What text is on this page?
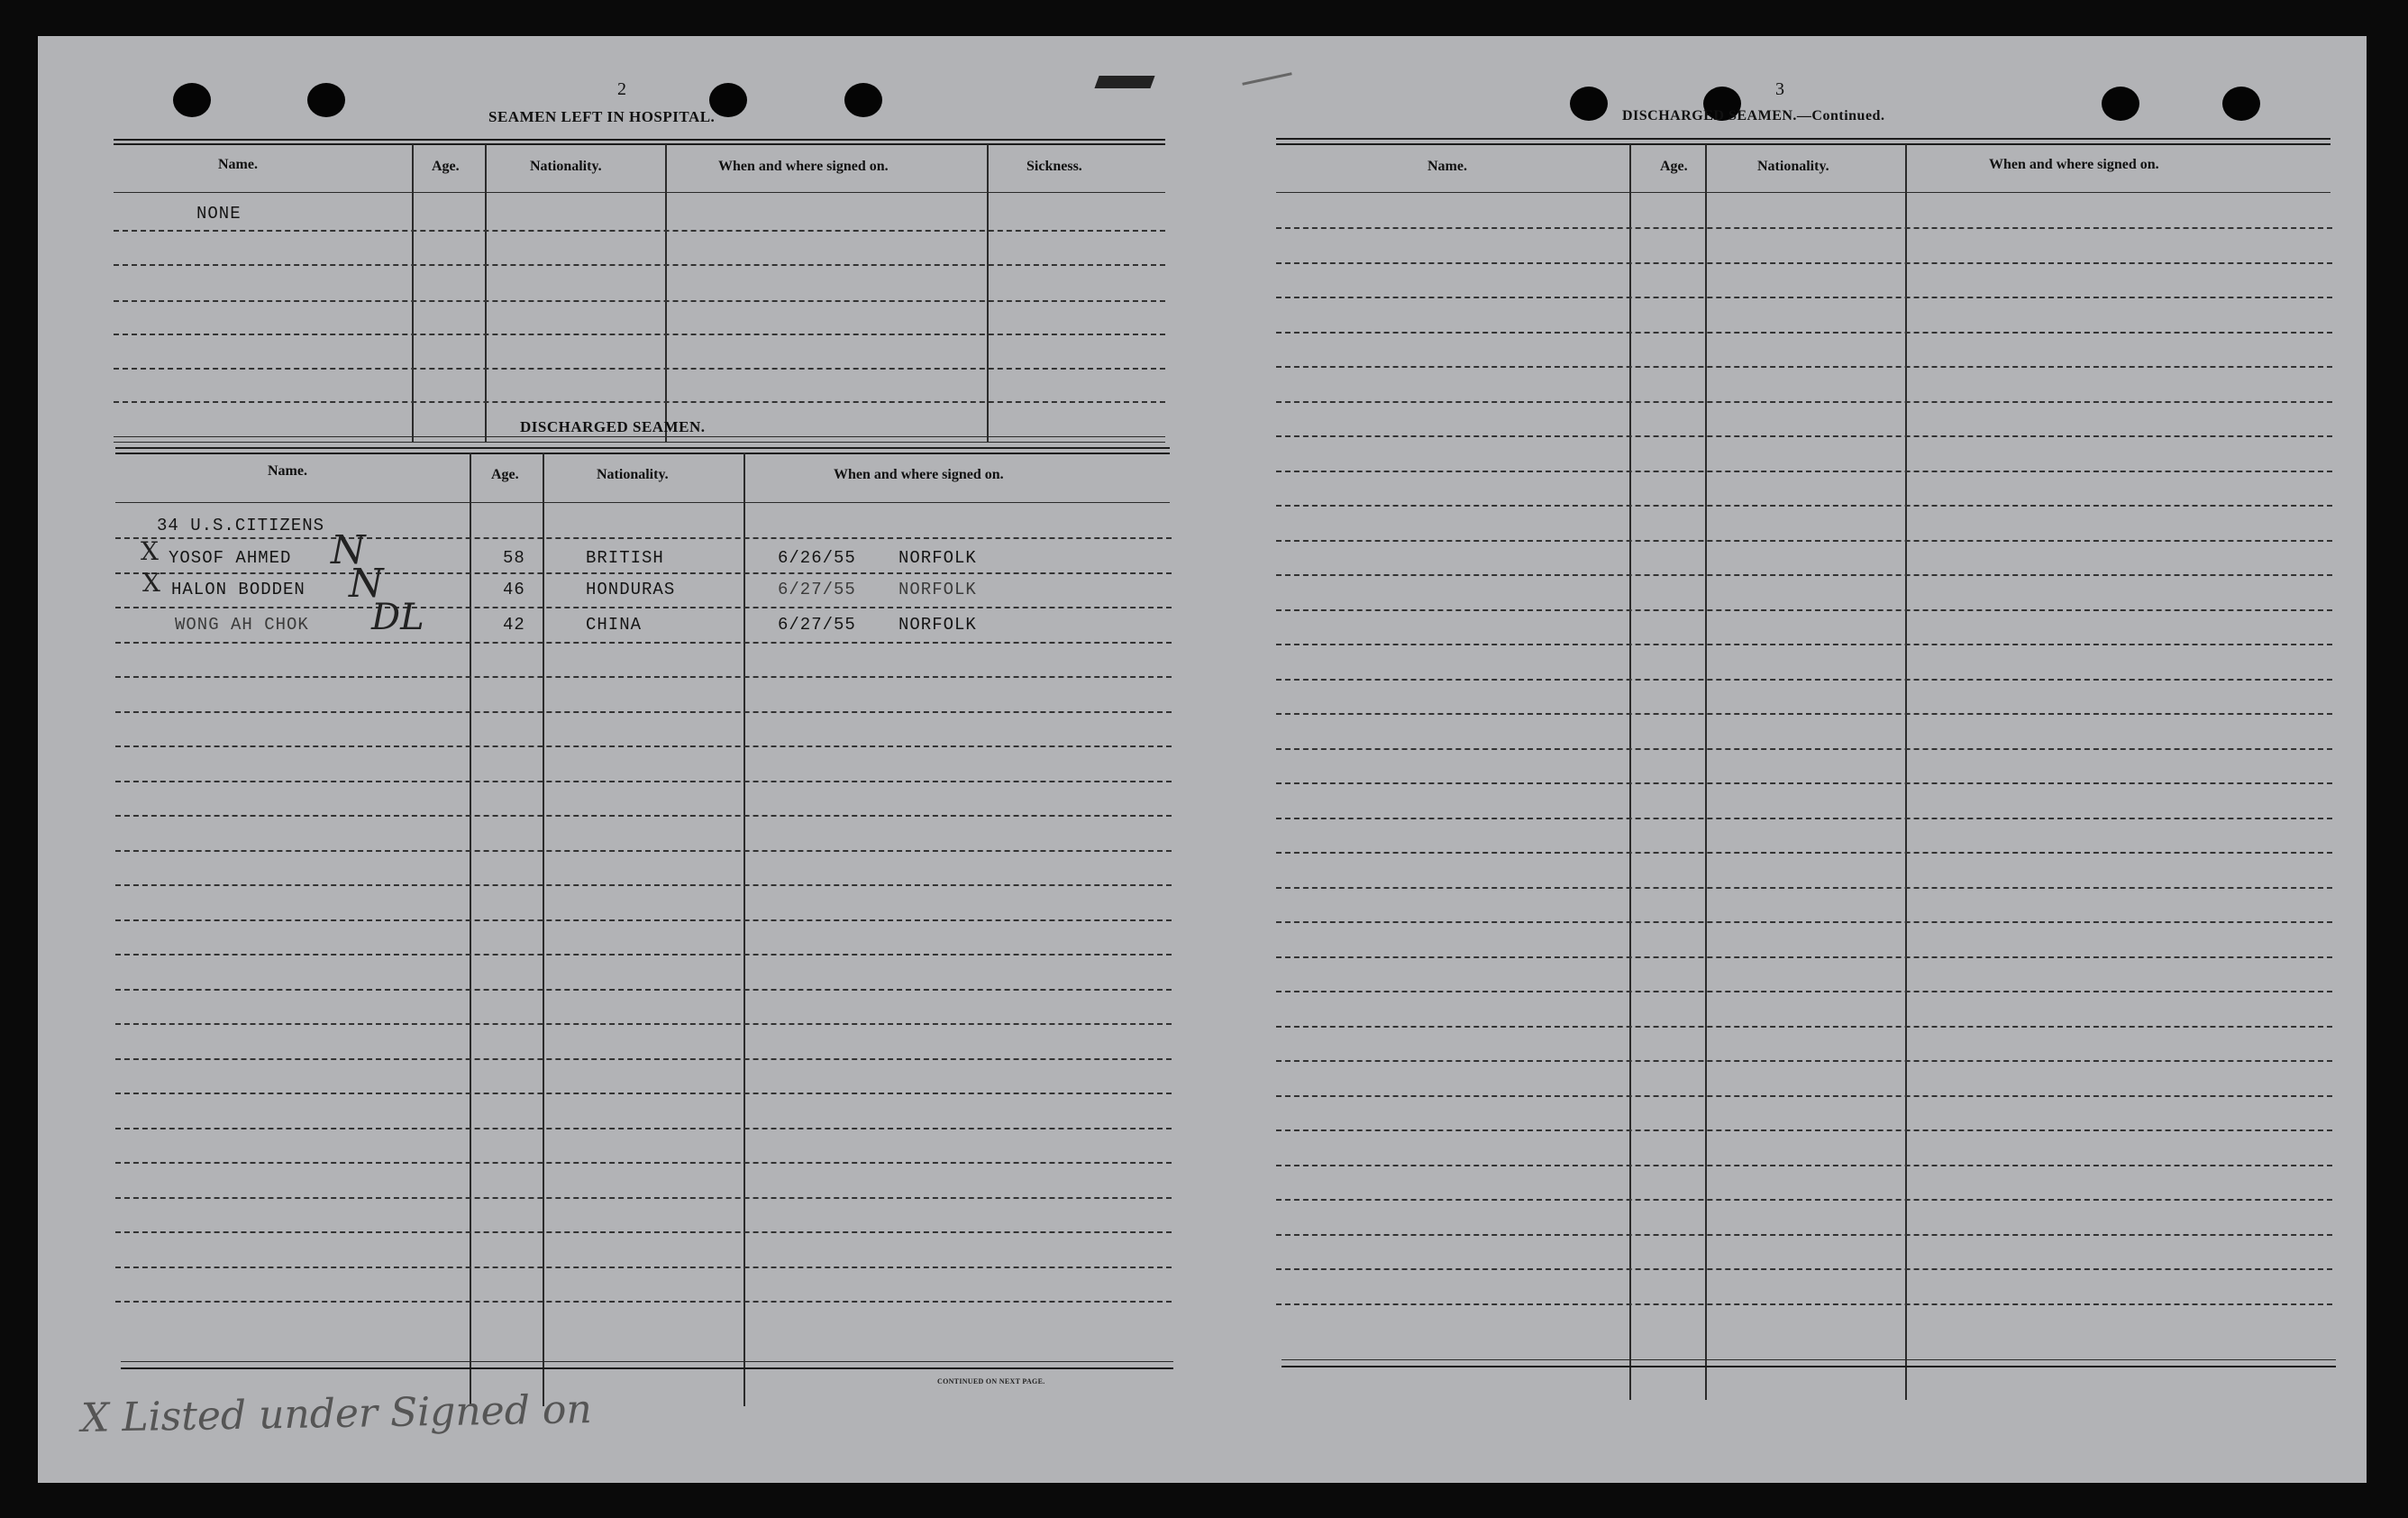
2
SEAMEN LEFT IN HOSPITAL.
Name.	Age.	Nationality.	When and where signed on.	Sickness.
NONE
DISCHARGED SEAMEN.
Name.	Age.	Nationality.	When and where signed on.
34 U.S.CITIZENS
X YOSOF AHMED N	58	BRITISH	6/26/55 NORFOLK
X HALON BODDEN N	46	HONDURAS	6/27/55 NORFOLK
WONG AH CHOK DL	42	CHINA	6/27/55 NORFOLK
CONTINUED ON NEXT PAGE.
X Listed under Signed on
3
DISCHARGED SEAMEN.—Continued.
Name.	Age.	Nationality.	When and where signed on.
